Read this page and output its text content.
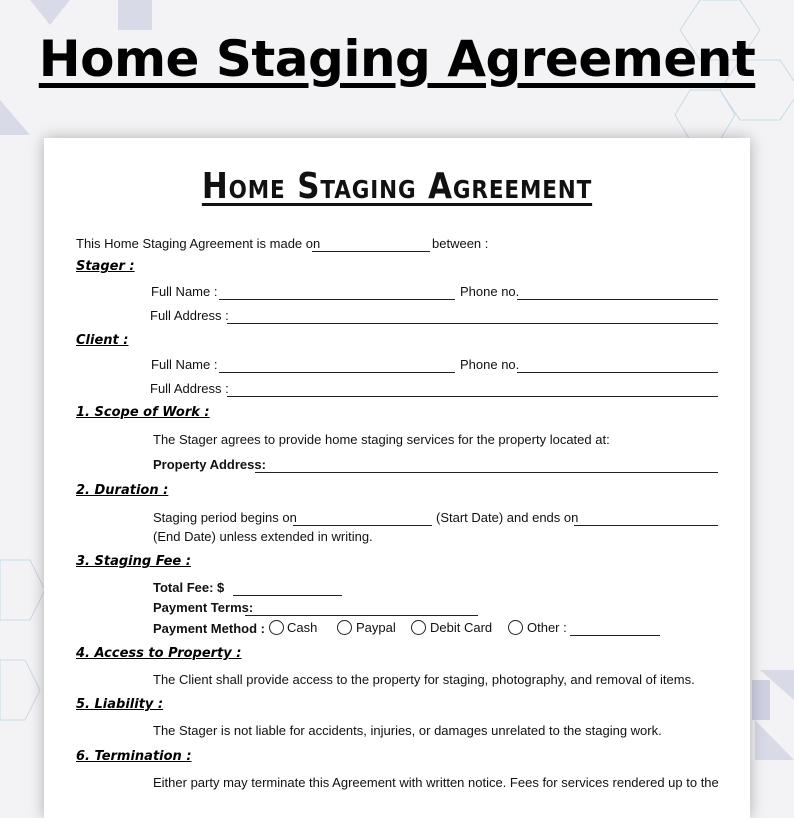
Home Staging Agreement
Home Staging Agreement
This Home Staging Agreement is made on	between :
Stager :
Full Name :	Phone no.
Full Address :
Client :
Full Name :	Phone no.
Full Address :
1. Scope of Work :
The Stager agrees to provide home staging services for the property located at:
Property Address:
2. Duration :
Staging period begins on	(Start Date) and ends on
(End Date) unless extended in writing.
3. Staging Fee :
Total Fee: $
Payment Terms:
Payment Method : Cash	Paypal	Debit Card	Other :
4. Access to Property :
The Client shall provide access to the property for staging, photography, and removal of items.
5. Liability :
The Stager is not liable for accidents, injuries, or damages unrelated to the staging work.
6. Termination :
Either party may terminate this Agreement with written notice. Fees for services rendered up to the
